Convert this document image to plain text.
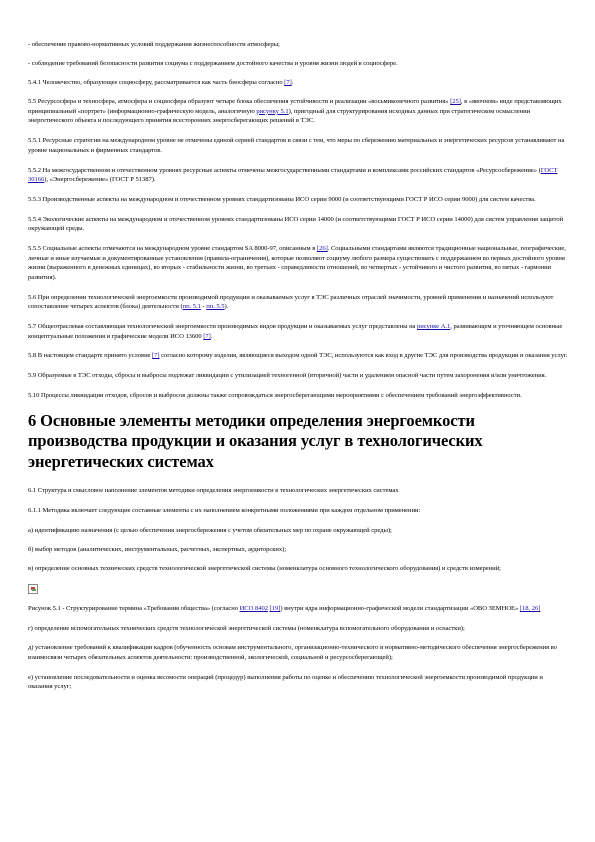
- обеспечение правово-нормативных условий поддержания жизнеспособности атмосферы;

- соблюдение требований безопасности развития социума с поддержанием достойного качества и уровня жизни людей в социосфере.

5.4.1 Человечество, образующее социосферу, рассматривается как часть биосферы согласно [7].

5.5 Ресурсосфера и техносфера, атмосфера и социосфера образуют четыре блока обеспечения устойчивости и реализации «восьмиконечного развития» [25], в «явочном» виде представляющих принципиальный «портрет» (информационно-графическую модель, аналогичную рисунку 5.1), пригодный для структурирования исходных данных при стратегическом осмыслении энергетического объекта и последующего принятия всесторонних энергосберегающих решений в ТЭС.

5.5.1 Ресурсные стратегии на международном уровне не отмечены единой серией стандартов в связи с тем, что меры по сбережению материальных и энергетических ресурсов устанавливают на уровне национальных и фирменных стандартов.

5.5.2 На межгосударственном и отечественном уровнях ресурсные аспекты отмечены межгосударственными стандартами и комплексами российских стандартов «Ресурсосбережение» (ГОСТ 30166), «Энергосбережение» (ГОСТ Р 51387).

5.5.3 Производственные аспекты на международном и отечественном уровнях стандартизованы ИСО серии 9000 (и соответствующими ГОСТ Р ИСО серии 9000) для систем качества.

5.5.4 Экологические аспекты на международном и отечественном уровнях стандартизованы ИСО серии 14000 (и соответствующими ГОСТ Р ИСО серии 14000) для систем управления защитой окружающей среды.

5.5.5 Социальные аспекты отмечаются на международном уровне стандартом SA 8000-97, описанным в [26]. Социальными стандартами являются традиционные национальные, географические, личные и иные изучаемые и документированные установления (правила-ограничения), которые позволяют социуму любого размера существовать с поддержанием во первых достойного уровня жизни (выраженного в денежных единицах), во вторых - стабильности жизни, во третьих - справедливости отношений, во четвертых - устойчивого и чистого развития, во пятых - гармонии развития).

5.6 При определении технологической энергоемкости производимой продукции и оказываемых услуг в ТЭС различных отраслей значимости, уровней применения и назначений используют сопоставление четырех аспектов (блока) деятельности (пп. 5.1 - пп. 5.5).

5.7 Общеотраслевая составляющая технологической энергоемкости производимых видов продукции и оказываемых услуг представлены на рисунке А.1, развивающем и уточняющем основные концептуальные положения и графические модели ИСО 13600 [7].

5.8 В настоящем стандарте принято условие [7] согласно которому изделия, являющиеся выходом одной ТЭС, используются как вход в другие ТЭС для производства продукции и оказания услуг.

5.9 Образуемые в ТЭС отходы, сбросы и выбросы подлежат ликвидации с утилизацией техногенной (вторичной) части и удалением опасной части путем захоронения и/или уничтожения.

5.10 Процессы ликвидации отходов, сбросов и выбросов должны также сопровождаться энергосберегающими мероприятиями с обеспечением требований энергоэффективности.

6 Основные элементы методики определения энергоемкости производства продукции и оказания услуг в технологических энергетических системах

6.1 Структура и смысловое наполнение элементов методики определения энергоемкости в технологических энергетических системах

6.1.1 Методика включает следующие составные элементы с их наполнением конкретными положениями при каждом отдельном применении:

а) идентификацию назначения (с целью обеспечения энергосбережения с учетом обязательных мер по охране окружающей среды);

б) выбор методов (аналитических, инструментальных, расчетных, экспертных, аудиторских);

в) определение основных технических средств технологической энергетической системы (номенклатура основного технологического оборудования) и средств измерений;

Рисунок 5.1 - Структурирование термина «Требования общества» (согласно ИСО 8402 [19]) внутри ядра информационно-графической модели стандартизации «ОВО ЗЕМНОЕ» [18, 26]

г) определение вспомогательных технических средств технологической энергетической системы (номенклатура вспомогательного оборудования и оснастки);

д) установление требований к квалификации кадров (обученность основам инструментального, организационно-технического и нормативно-методического обеспечения энергосбережения во взаимосвязи четырех обязательных аспектов деятельности: производственной, экологической, социальной и ресурсосберегающей);

е) установление последовательности и оценка весомости операций (процедур) выполнения работы по оценке и обеспечению технологической энергоемкости производимой продукции и оказания услуг;
